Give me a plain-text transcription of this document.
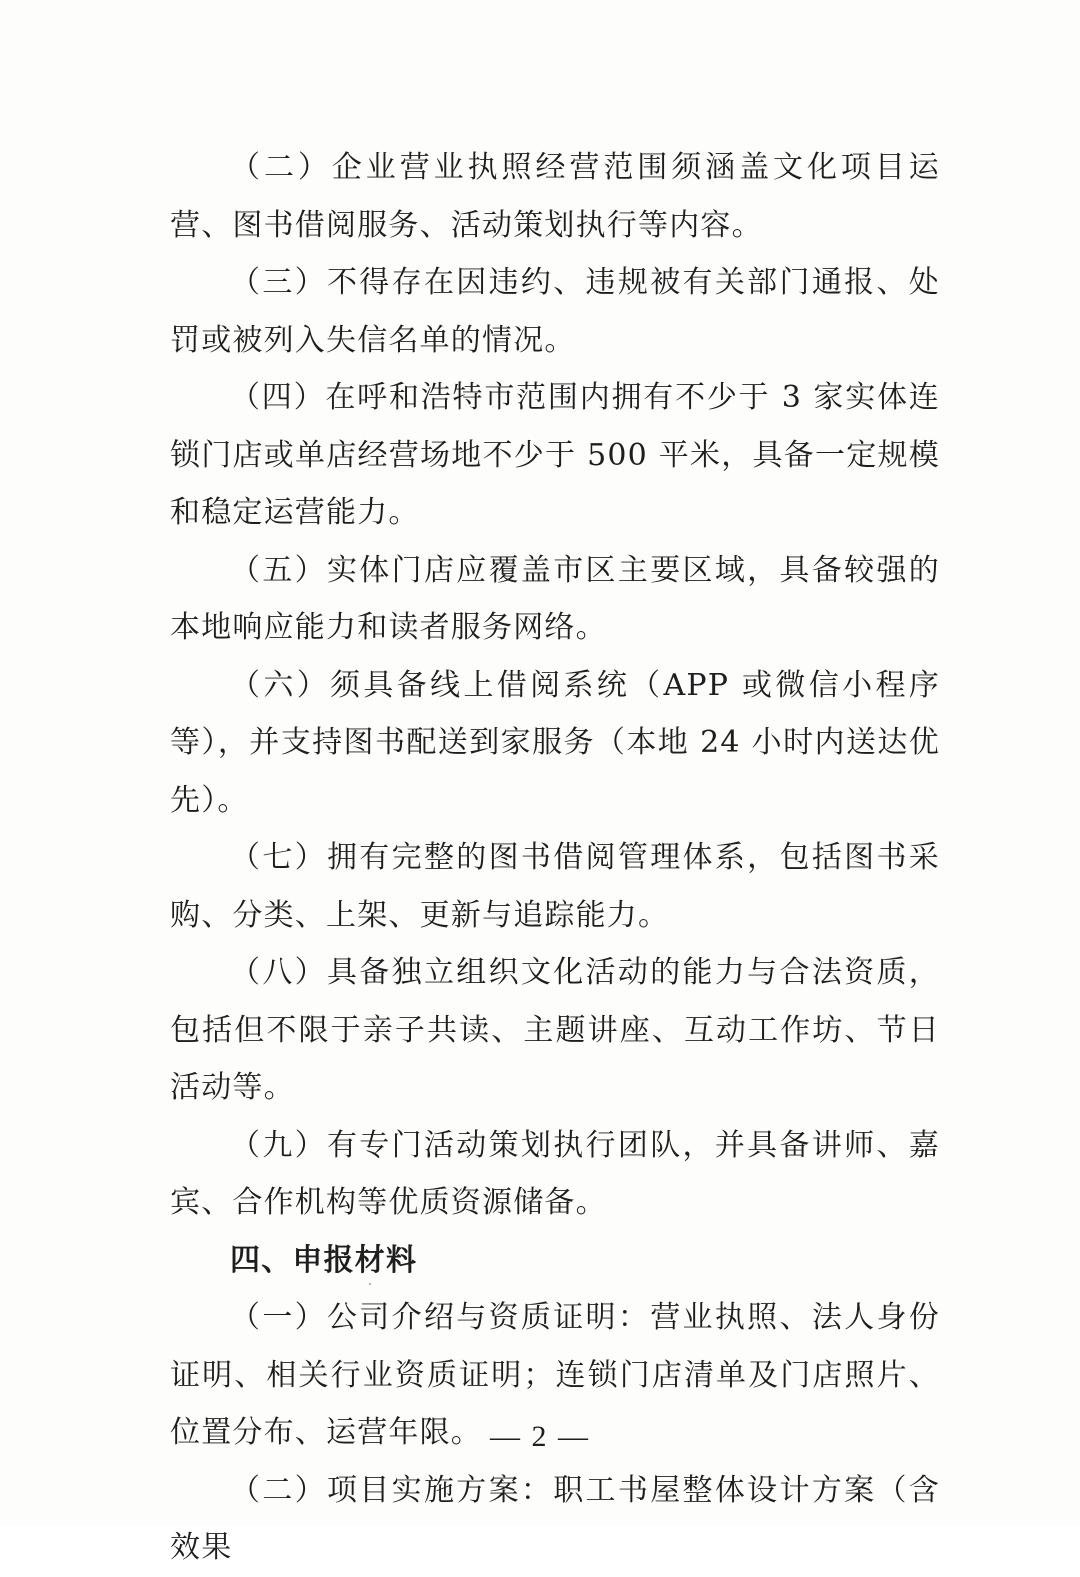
（二）企业营业执照经营范围须涵盖文化项目运营、图书借阅服务、活动策划执行等内容。

（三）不得存在因违约、违规被有关部门通报、处罚或被列入失信名单的情况。

（四）在呼和浩特市范围内拥有不少于 3 家实体连锁门店或单店经营场地不少于 500 平米，具备一定规模和稳定运营能力。

（五）实体门店应覆盖市区主要区域，具备较强的本地响应能力和读者服务网络。

（六）须具备线上借阅系统（APP 或微信小程序等），并支持图书配送到家服务（本地 24 小时内送达优先）。

（七）拥有完整的图书借阅管理体系，包括图书采购、分类、上架、更新与追踪能力。

（八）具备独立组织文化活动的能力与合法资质，包括但不限于亲子共读、主题讲座、互动工作坊、节日活动等。

（九）有专门活动策划执行团队，并具备讲师、嘉宾、合作机构等优质资源储备。

四、申报材料

（一）公司介绍与资质证明：营业执照、法人身份证明、相关行业资质证明；连锁门店清单及门店照片、位置分布、运营年限。

（二）项目实施方案：职工书屋整体设计方案（含效果

— 2 —
